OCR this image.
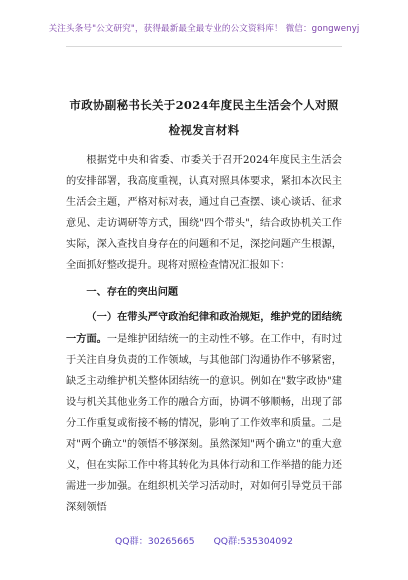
关注头条号"公文研究"，获得最新最全最专业的公文资料库！ 微信：gongwenyj
市政协副秘书长关于2024年度民主生活会个人对照检视发言材料

根据党中央和省委、市委关于召开2024年度民主生活会的安排部署，我高度重视，认真对照具体要求，紧扣本次民主生活会主题，严格对标对表，通过自己查摆、谈心谈话、征求意见、走访调研等方式，围绕"四个带头"，结合政协机关工作实际，深入查找自身存在的问题和不足，深挖问题产生根源，全面抓好整改提升。现将对照检查情况汇报如下：

一、存在的突出问题

（一）在带头严守政治纪律和政治规矩，维护党的团结统一方面。一是维护团结统一的主动性不够。在工作中，有时过于关注自身负责的工作领域，与其他部门沟通协作不够紧密，缺乏主动维护机关整体团结统一的意识。例如在"数字政协"建设与机关其他业务工作的融合方面，协调不够顺畅，出现了部分工作重复或衔接不畅的情况，影响了工作效率和质量。二是对"两个确立"的领悟不够深刻。虽然深知"两个确立"的重大意义，但在实际工作中将其转化为具体行动和工作举措的能力还需进一步加强。在组织机关学习活动时，对如何引导党员干部深刻领悟

QQ群：30265665 QQ群:535304092
